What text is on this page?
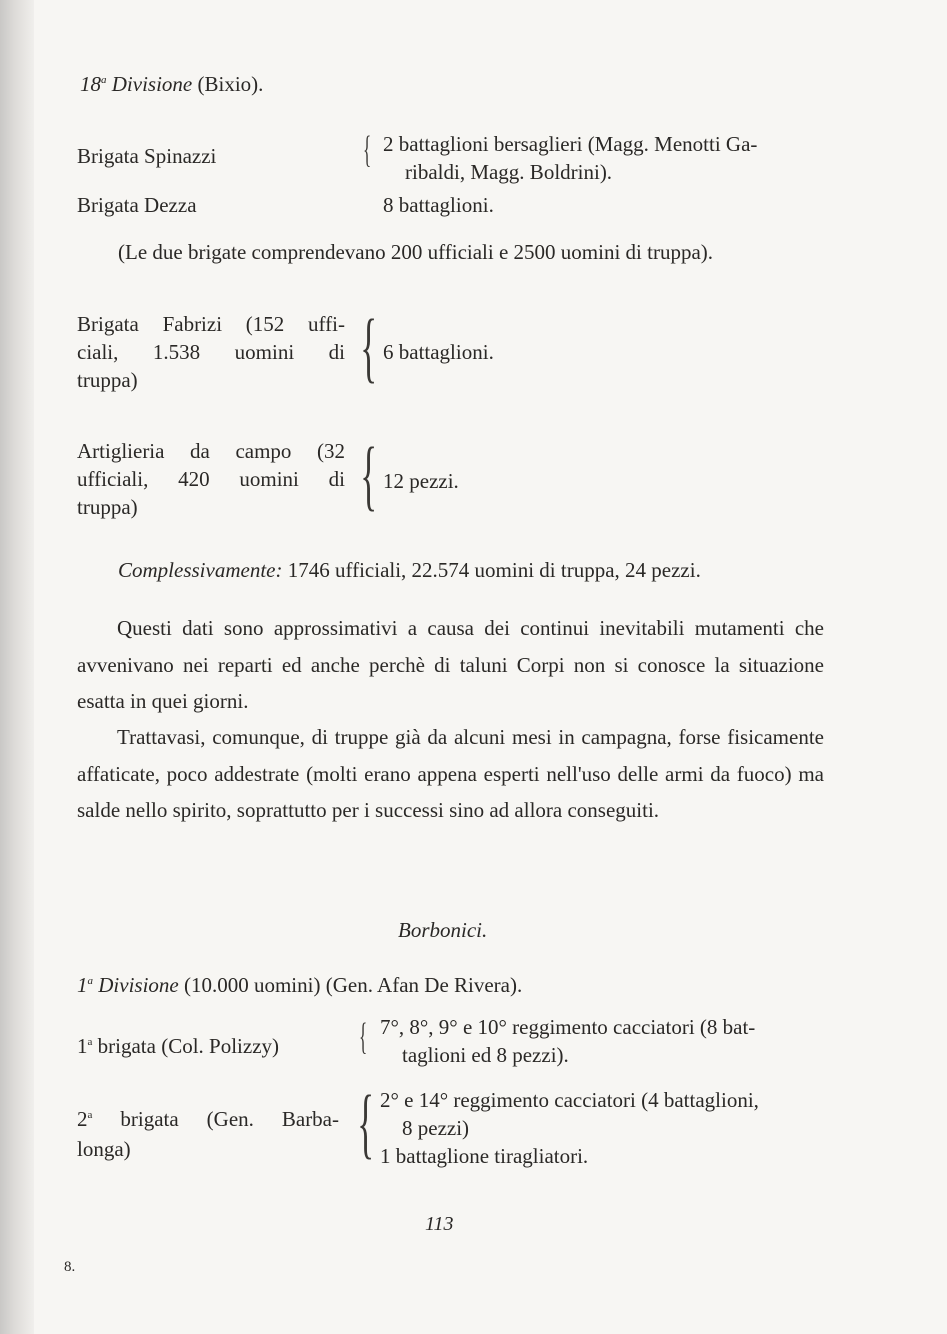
18$^a$ Divisione (Bixio).
Brigata Spinazzi	{ 2 battaglioni bersaglieri (Magg. Menotti Ga-
ribaldi, Magg. Boldrini).
Brigata Dezza	8 battaglioni.
(Le due brigate comprendevano 200 ufficiali e 2500 uomini di truppa).
Brigata Fabrizi (152 uffi-
ciali, 1.538 uomini di
truppa)	{ 6 battaglioni.
Artiglieria da campo (32
ufficiali, 420 uomini di
truppa)	{ 12 pezzi.
Complessivamente: 1746 ufficiali, 22.574 uomini di truppa, 24 pezzi.

Questi dati sono approssimativi a causa dei continui inevitabili mutamenti che avvenivano nei reparti ed anche perchè di taluni Corpi non si conosce la situazione esatta in quei giorni.

Trattavasi, comunque, di truppe già da alcuni mesi in campagna, forse fisicamente affaticate, poco addestrate (molti erano appena esperti nell'uso delle armi da fuoco) ma salde nello spirito, soprattutto per i successi sino ad allora conseguiti.

Borbonici.
1$^a$ Divisione (10.000 uomini) (Gen. Afan De Rivera).
1$^a$ brigata (Col. Polizzy) { 7°, 8°, 9° e 10° reggimento cacciatori (8 bat-
taglioni ed 8 pezzi).
2$^a$ brigata (Gen. Barba-
longa)	{ 2° e 14° reggimento cacciatori (4 battaglioni,
8 pezzi)
1 battaglione tiragliatori.
113
8.
